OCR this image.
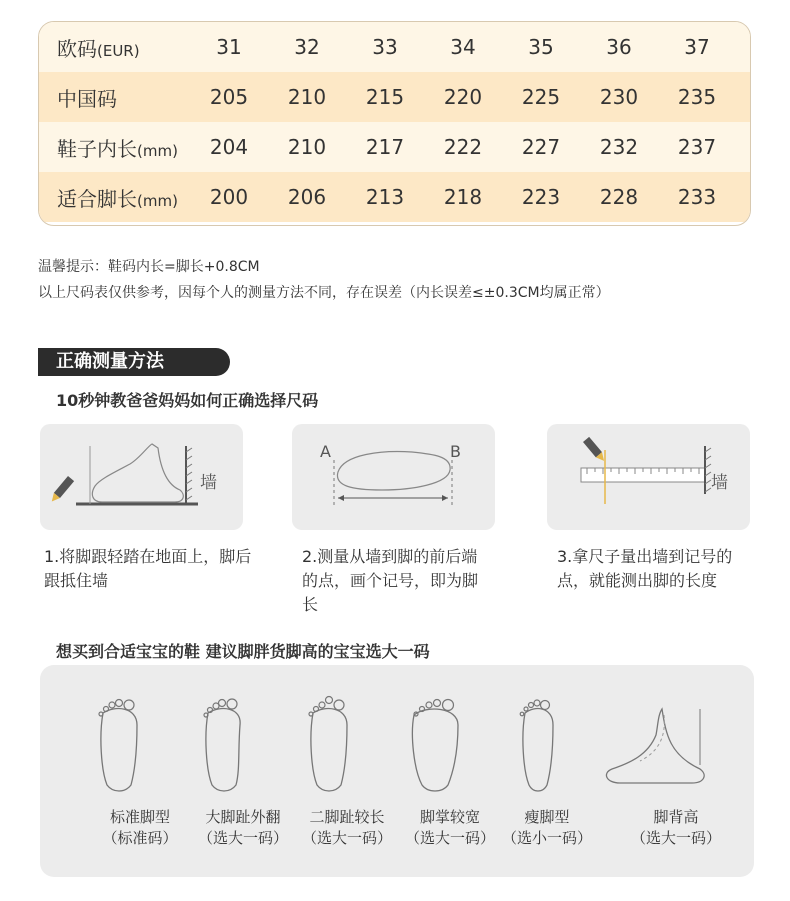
欧码(EUR)	31	32	33	34	35	36	37
中国码	205	210	215	220	225	230	235
鞋子内长(mm)	204	210	217	222	227	232	237
适合脚长(mm)	200	206	213	218	223	228	233
温馨提示：鞋码内长=脚长+0.8CM
以上尺码表仅供参考，因每个人的测量方法不同，存在误差（内长误差≤±0.3CM均属正常）
正确测量方法
10秒钟教爸爸妈妈如何正确选择尺码
墙
A	B
墙
1.将脚跟轻踏在地面上，脚后跟抵住墙
2.测量从墙到脚的前后端的点，画个记号，即为脚长
3.拿尺子量出墙到记号的点，就能测出脚的长度
想买到合适宝宝的鞋 建议脚胖货脚高的宝宝选大一码
标准脚型
（标准码）
大脚趾外翻
（选大一码）
二脚趾较长
（选大一码）
脚掌较宽
（选大一码）
瘦脚型
（选小一码）
脚背高
（选大一码）
